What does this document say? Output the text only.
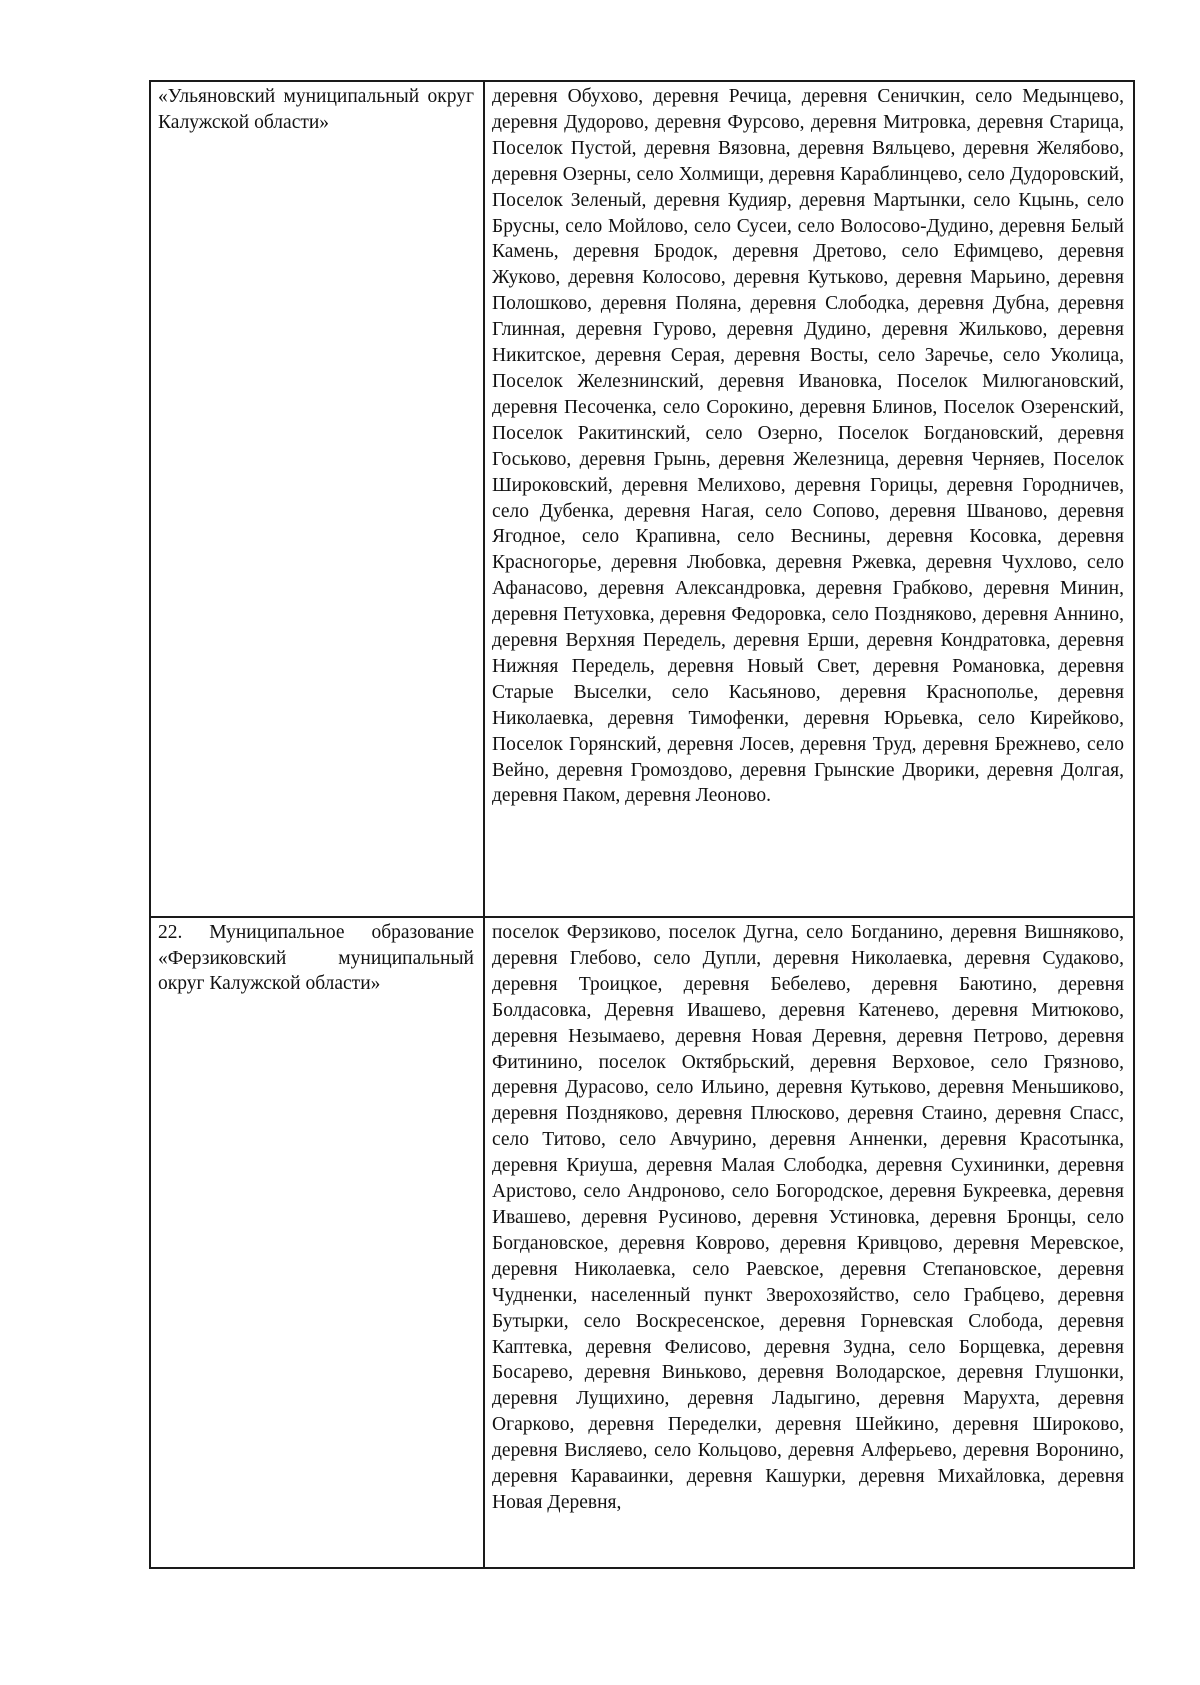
«Ульяновский муниципальный округ Калужской области»	деревня Обухово, деревня Речица, деревня Сеничкин, село Медынцево, деревня Дудорово, деревня Фурсово, деревня Митровка, деревня Старица, Поселок Пустой, деревня Вязовна, деревня Вяльцево, деревня Желябово, деревня Озерны, село Холмищи, деревня Караблинцево, село Дудоровский, Поселок Зеленый, деревня Кудияр, деревня Мартынки, село Кцынь, село Брусны, село Мойлово, село Сусеи, село Волосово-Дудино, деревня Белый Камень, деревня Бродок, деревня Дретово, село Ефимцево, деревня Жуково, деревня Колосово, деревня Кутьково, деревня Марьино, деревня Полошково, деревня Поляна, деревня Слободка, деревня Дубна, деревня Глинная, деревня Гурово, деревня Дудино, деревня Жильково, деревня Никитское, деревня Серая, деревня Восты, село Заречье, село Уколица, Поселок Железнинский, деревня Ивановка, Поселок Милюгановский, деревня Песоченка, село Сорокино, деревня Блинов, Поселок Озеренский, Поселок Ракитинский, село Озерно, Поселок Богдановский, деревня Госьково, деревня Грынь, деревня Железница, деревня Черняев, Поселок Широковский, деревня Мелихово, деревня Горицы, деревня Городничев, село Дубенка, деревня Нагая, село Сопово, деревня Шваново, деревня Ягодное, село Крапивна, село Веснины, деревня Косовка, деревня Красногорье, деревня Любовка, деревня Ржевка, деревня Чухлово, село Афанасово, деревня Александровка, деревня Грабково, деревня Минин, деревня Петуховка, деревня Федоровка, село Поздняково, деревня Аннино, деревня Верхняя Передель, деревня Ерши, деревня Кондратовка, деревня Нижняя Передель, деревня Новый Свет, деревня Романовка, деревня Старые Выселки, село Касьяново, деревня Краснополье, деревня Николаевка, деревня Тимофенки, деревня Юрьевка, село Кирейково, Поселок Горянский, деревня Лосев, деревня Труд, деревня Брежнево, село Вейно, деревня Громоздово, деревня Грынские Дворики, деревня Долгая, деревня Паком, деревня Леоново.
22. Муниципальное образование «Ферзиковский муниципальный округ Калужской области»	поселок Ферзиково, поселок Дугна, село Богданино, деревня Вишняково, деревня Глебово, село Дупли, деревня Николаевка, деревня Судаково, деревня Троицкое, деревня Бебелево, деревня Баютино, деревня Болдасовка, Деревня Ивашево, деревня Катенево, деревня Митюково, деревня Незымаево, деревня Новая Деревня, деревня Петрово, деревня Фитинино, поселок Октябрьский, деревня Верховое, село Грязново, деревня Дурасово, село Ильино, деревня Кутьково, деревня Меньшиково, деревня Поздняково, деревня Плюсково, деревня Стаино, деревня Спасс, село Титово, село Авчурино, деревня Анненки, деревня Красотынка, деревня Криуша, деревня Малая Слободка, деревня Сухининки, деревня Аристово, село Андроново, село Богородское, деревня Букреевка, деревня Ивашево, деревня Русиново, деревня Устиновка, деревня Бронцы, село Богдановское, деревня Коврово, деревня Кривцово, деревня Меревское, деревня Николаевка, село Раевское, деревня Степановское, деревня Чудненки, населенный пункт Зверохозяйство, село Грабцево, деревня Бутырки, село Воскресенское, деревня Горневская Слобода, деревня Каптевка, деревня Фелисово, деревня Зудна, село Борщевка, деревня Босарево, деревня Виньково, деревня Володарское, деревня Глушонки, деревня Лущихино, деревня Ладыгино, деревня Марухта, деревня Огарково, деревня Переделки, деревня Шейкино, деревня Широково, деревня Висляево, село Кольцово, деревня Алферьево, деревня Воронино, деревня Караваинки, деревня Кашурки, деревня Михайловка, деревня Новая Деревня,
